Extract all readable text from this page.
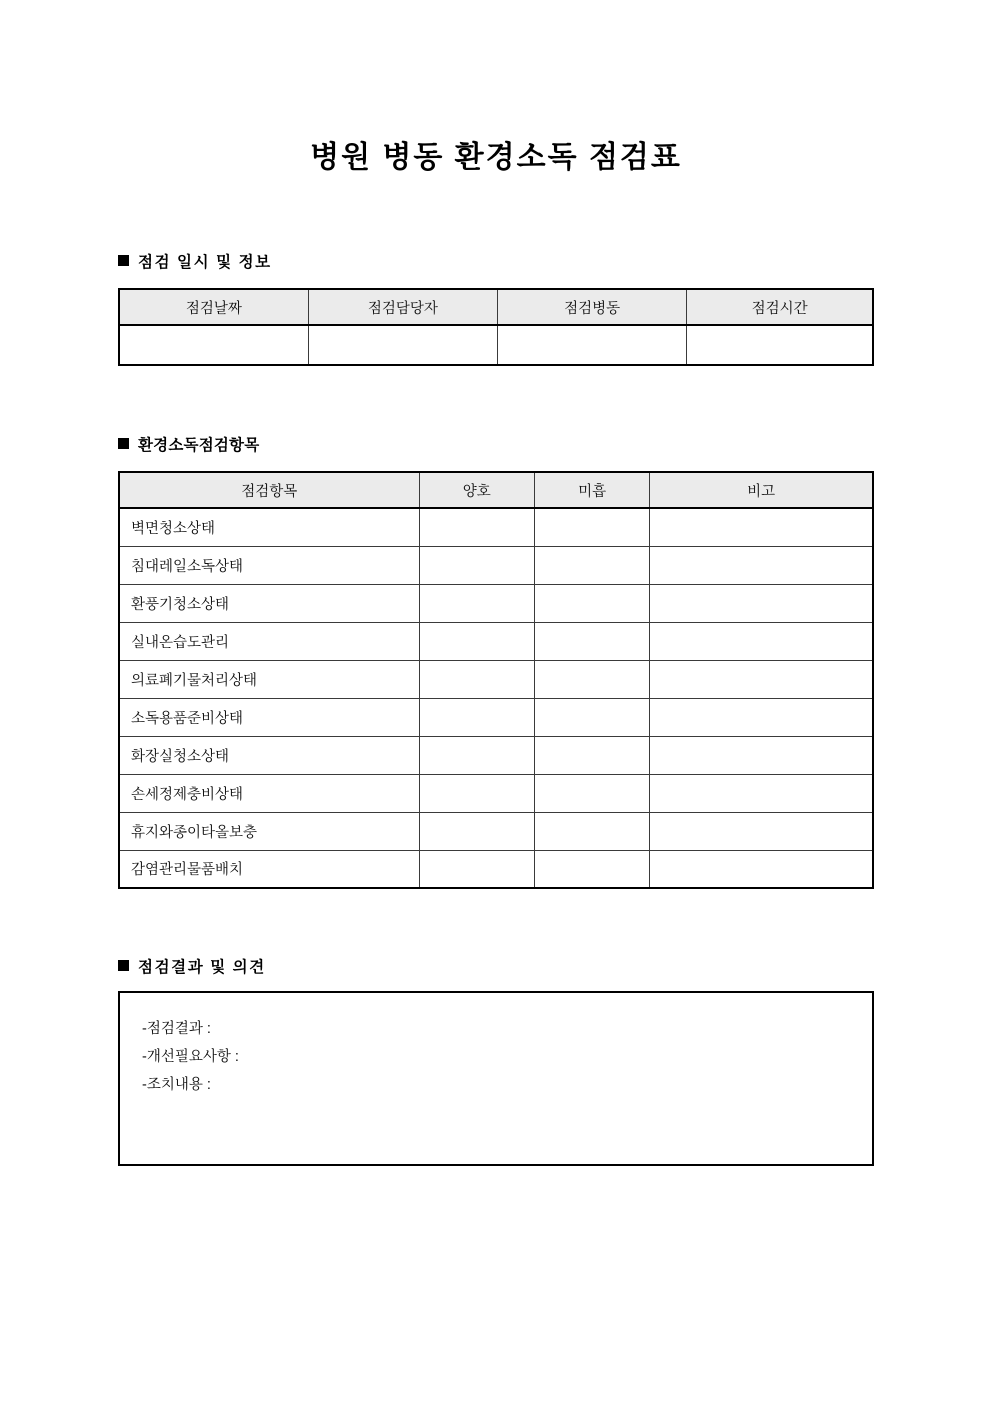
병원 병동 환경소독 점검표
점검 일시 및 정보
점검날짜	점검담당자	점검병동	점검시간

환경소독점검항목
점검항목	양호	미흡	비고
벽면청소상태			
침대레일소독상태			
환풍기청소상태			
실내온습도관리			
의료폐기물처리상태			
소독용품준비상태			
화장실청소상태			
손세정제충비상태			
휴지와종이타올보충			
감염관리물품배치			
점검결과 및 의견
-점검결과 :
-개선필요사항 :
-조치내용 :
